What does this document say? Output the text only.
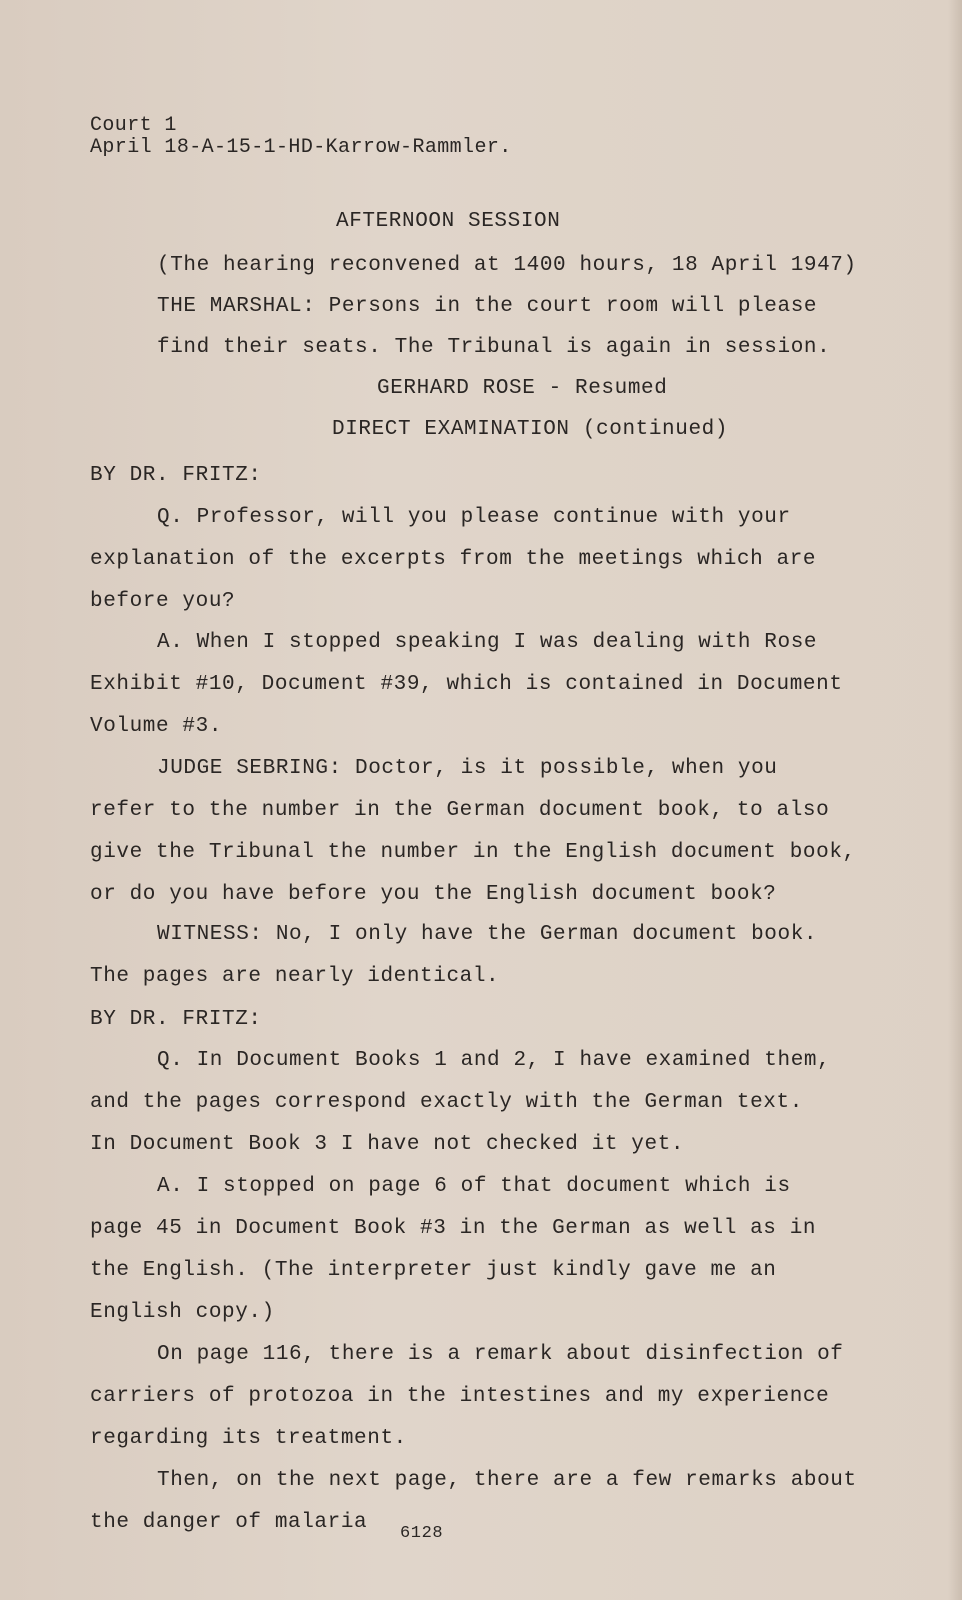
Court 1
April 18-A-15-1-HD-Karrow-Rammler.
AFTERNOON SESSION
(The hearing reconvened at 1400 hours, 18 April 1947)
THE MARSHAL: Persons in the court room will please
find their seats. The Tribunal is again in session.
GERHARD ROSE - Resumed
DIRECT EXAMINATION (continued)
BY DR. FRITZ:
Q. Professor, will you please continue with your
explanation of the excerpts from the meetings which are
before you?
A. When I stopped speaking I was dealing with Rose
Exhibit #10, Document #39, which is contained in Document
Volume #3.
JUDGE SEBRING: Doctor, is it possible, when you
refer to the number in the German document book, to also
give the Tribunal the number in the English document book,
or do you have before you the English document book?
WITNESS: No, I only have the German document book.
The pages are nearly identical.
BY DR. FRITZ:
Q. In Document Books 1 and 2, I have examined them,
and the pages correspond exactly with the German text.
In Document Book 3 I have not checked it yet.
A. I stopped on page 6 of that document which is
page 45 in Document Book #3 in the German as well as in
the English. (The interpreter just kindly gave me an
English copy.)
On page 116, there is a remark about disinfection of
carriers of protozoa in the intestines and my experience
regarding its treatment.
Then, on the next page, there are a few remarks about
the danger of malaria 6128
